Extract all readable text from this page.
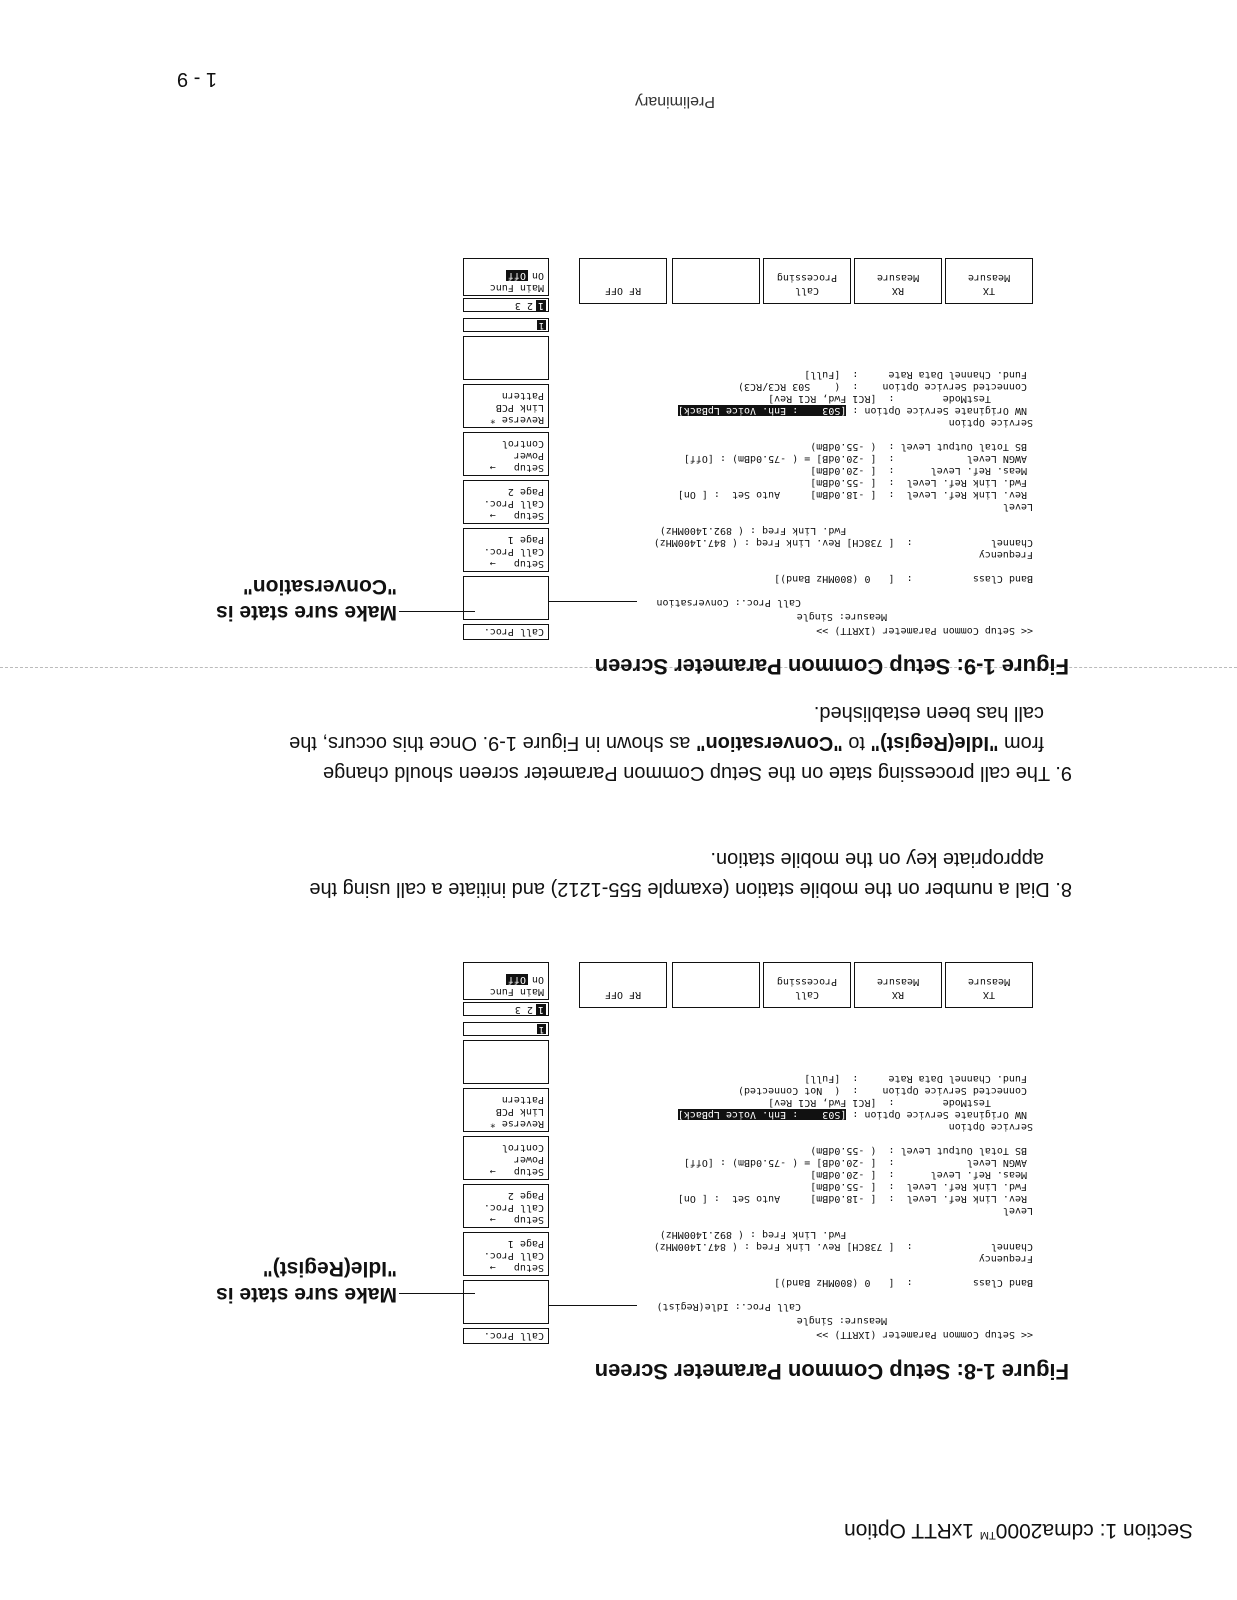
Section 1: cdma2000™ 1xRTT Option
Figure 1-8: Setup Common Parameter Screen
<< Setup Common Parameter (1XRTT) >>
Measure: Single
Call Proc.: Idle(Regist)
Band Class          :  [   0 (800MHz Band)]
Frequency
Channel             :  [ 738CH] Rev. Link Freq : ( 847.1400MHz)
Fwd. Link Freq : ( 892.1400MHz)
Level
Rev. Link Ref. Level  :  [ -18.0dBm]     Auto Set  : [ On]
Fwd. Link Ref. Level  :  [ -55.0dBm]
Meas. Ref. Level      :  [ -20.0dBm]
AWGN Level            :  [ -20.0dB] = ( -75.0dBm) : [Off]
BS Total Output Level :  ( -55.0dBm)
Service Option
TestMode        :  [RC1 Fwd, RC1 Rev]
Connected Service Option    :  (  Not Connected)
Fund. Channel Data Rate     :  [Full]
NW Originate Service Option : [S03    : Enh. Voice LpBack]
Call Proc.
Setup   →
Call Proc.
Page 1
Setup   →
Call Proc.
Page 2
Setup   →
Power
Control
Reverse *
Link PCB
Pattern
1
12 3
Main Func
OnOff
TX
Measure
RX
Measure
Call
Processing
RF OFF
Make sure state is
"Idle(Regist)"
8. Dial a number on the mobile station (example 555-1212) and initiate a call using the
appropriate key on the mobile station.
9. The call processing state on the Setup Common Parameter screen should change
from "Idle(Regist)" to "Conversation" as shown in Figure 1-9. Once this occurs, the
call has been established.
Figure 1-9: Setup Common Parameter Screen
<< Setup Common Parameter (1XRTT) >>
Measure: Single
Call Proc.: Conversation
Band Class          :  [   0 (800MHz Band)]
Frequency
Channel             :  [ 738CH] Rev. Link Freq : ( 847.1400MHz)
Fwd. Link Freq : ( 892.1400MHz)
Level
Rev. Link Ref. Level  :  [ -18.0dBm]     Auto Set  : [ On]
Fwd. Link Ref. Level  :  [ -55.0dBm]
Meas. Ref. Level      :  [ -20.0dBm]
AWGN Level            :  [ -20.0dB] = ( -75.0dBm) : [Off]
BS Total Output Level :  ( -55.0dBm)
Service Option
TestMode        :  [RC1 Fwd, RC1 Rev]
Connected Service Option    :  (    S03 RC3/RC3)
Fund. Channel Data Rate     :  [Full]
NW Originate Service Option : [S03    : Enh. Voice LpBack]
Call Proc.
Setup   →
Call Proc.
Page 1
Setup   →
Call Proc.
Page 2
Setup   →
Power
Control
Reverse *
Link PCB
Pattern
1
12 3
Main Func
OnOff
TX
Measure
RX
Measure
Call
Processing
RF OFF
Make sure state is
"Conversation"
Preliminary
1 - 9
